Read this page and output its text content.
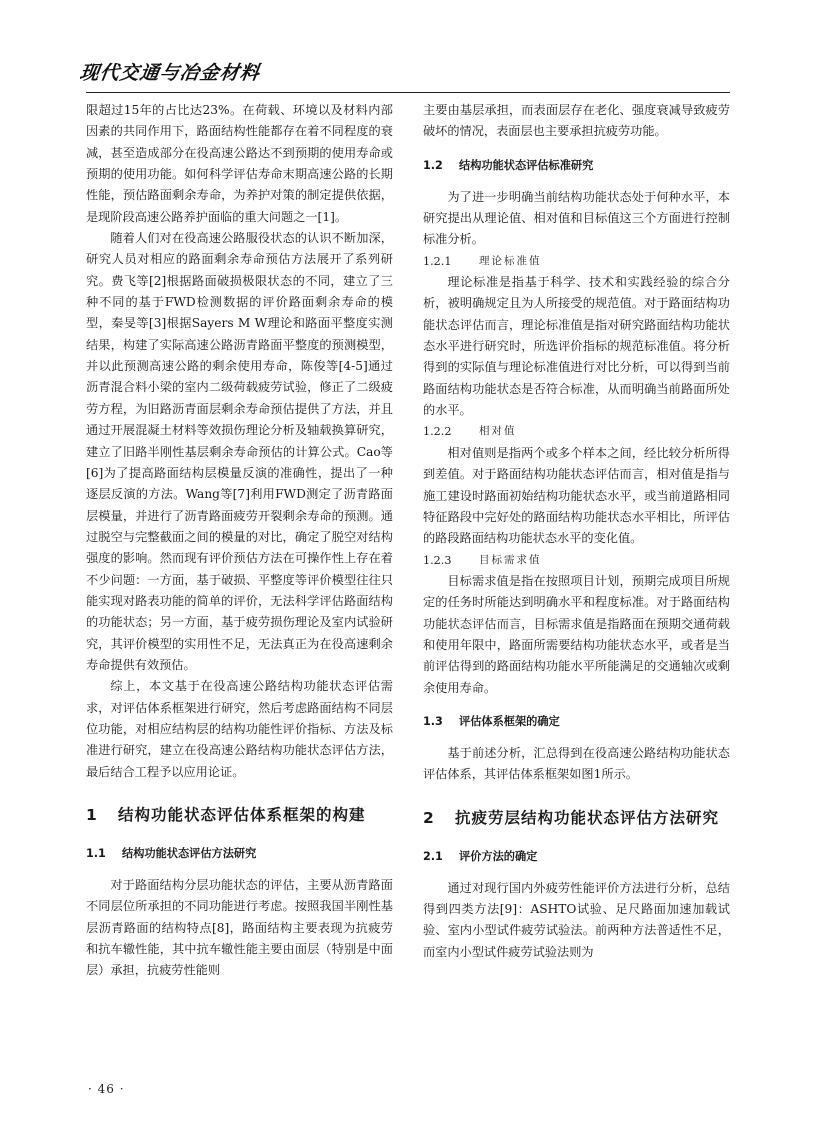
现代交通与冶金材料

限超过15年的占比达23%。在荷载、环境以及材料内部因素的共同作用下，路面结构性能都存在着不同程度的衰减，甚至造成部分在役高速公路达不到预期的使用寿命或预期的使用功能。如何科学评估寿命末期高速公路的长期性能，预估路面剩余寿命，为养护对策的制定提供依据，是现阶段高速公路养护面临的重大问题之一[1]。

随着人们对在役高速公路服役状态的认识不断加深，研究人员对相应的路面剩余寿命预估方法展开了系列研究。费飞等[2]根据路面破损极限状态的不同，建立了三种不同的基于FWD检测数据的评价路面剩余寿命的模型，秦旻等[3]根据Sayers M W理论和路面平整度实测结果，构建了实际高速公路沥青路面平整度的预测模型，并以此预测高速公路的剩余使用寿命，陈俊等[4-5]通过沥青混合料小梁的室内二级荷载疲劳试验，修正了二级疲劳方程，为旧路沥青面层剩余寿命预估提供了方法，并且通过开展混凝土材料等效损伤理论分析及轴载换算研究，建立了旧路半刚性基层剩余寿命预估的计算公式。Cao等[6]为了提高路面结构层模量反演的准确性，提出了一种逐层反演的方法。Wang等[7]利用FWD测定了沥青路面层模量，并进行了沥青路面疲劳开裂剩余寿命的预测。通过脱空与完整截面之间的模量的对比，确定了脱空对结构强度的影响。然而现有评价预估方法在可操作性上存在着不少问题：一方面，基于破损、平整度等评价模型往往只能实现对路表功能的简单的评价，无法科学评估路面结构的功能状态；另一方面，基于疲劳损伤理论及室内试验研究，其评价模型的实用性不足，无法真正为在役高速剩余寿命提供有效预估。

综上，本文基于在役高速公路结构功能状态评估需求，对评估体系框架进行研究，然后考虑路面结构不同层位功能，对相应结构层的结构功能性评价指标、方法及标准进行研究，建立在役高速公路结构功能状态评估方法，最后结合工程予以应用论证。

1	结构功能状态评估体系框架的构建
1.1	结构功能状态评估方法研究

对于路面结构分层功能状态的评估，主要从沥青路面不同层位所承担的不同功能进行考虑。按照我国半刚性基层沥青路面的结构特点[8]，路面结构主要表现为抗疲劳和抗车辙性能，其中抗车辙性能主要由面层（特别是中面层）承担，抗疲劳性能则

主要由基层承担，而表面层存在老化、强度衰减导致疲劳破坏的情况，表面层也主要承担抗疲劳功能。

1.2	结构功能状态评估标准研究

为了进一步明确当前结构功能状态处于何种水平，本研究提出从理论值、相对值和目标值这三个方面进行控制标准分析。

1.2.1	理论标准值

理论标准是指基于科学、技术和实践经验的综合分析，被明确规定且为人所接受的规范值。对于路面结构功能状态评估而言，理论标准值是指对研究路面结构功能状态水平进行研究时，所选评价指标的规范标准值。将分析得到的实际值与理论标准值进行对比分析，可以得到当前路面结构功能状态是否符合标准，从而明确当前路面所处的水平。

1.2.2	相对值

相对值则是指两个或多个样本之间，经比较分析所得到差值。对于路面结构功能状态评估而言，相对值是指与施工建设时路面初始结构功能状态水平，或当前道路相同特征路段中完好处的路面结构功能状态水平相比，所评估的路段路面结构功能状态水平的变化值。

1.2.3	目标需求值

目标需求值是指在按照项目计划，预期完成项目所规定的任务时所能达到明确水平和程度标准。对于路面结构功能状态评估而言，目标需求值是指路面在预期交通荷载和使用年限中，路面所需要结构功能状态水平，或者是当前评估得到的路面结构功能水平所能满足的交通轴次或剩余使用寿命。

1.3	评估体系框架的确定

基于前述分析，汇总得到在役高速公路结构功能状态评估体系，其评估体系框架如图1所示。

2	抗疲劳层结构功能状态评估方法研究
2.1	评价方法的确定

通过对现行国内外疲劳性能评价方法进行分析，总结得到四类方法[9]：ASHTO试验、足尺路面加速加载试验、室内小型试件疲劳试验法。前两种方法普适性不足，而室内小型试件疲劳试验法则为

· 46 ·
